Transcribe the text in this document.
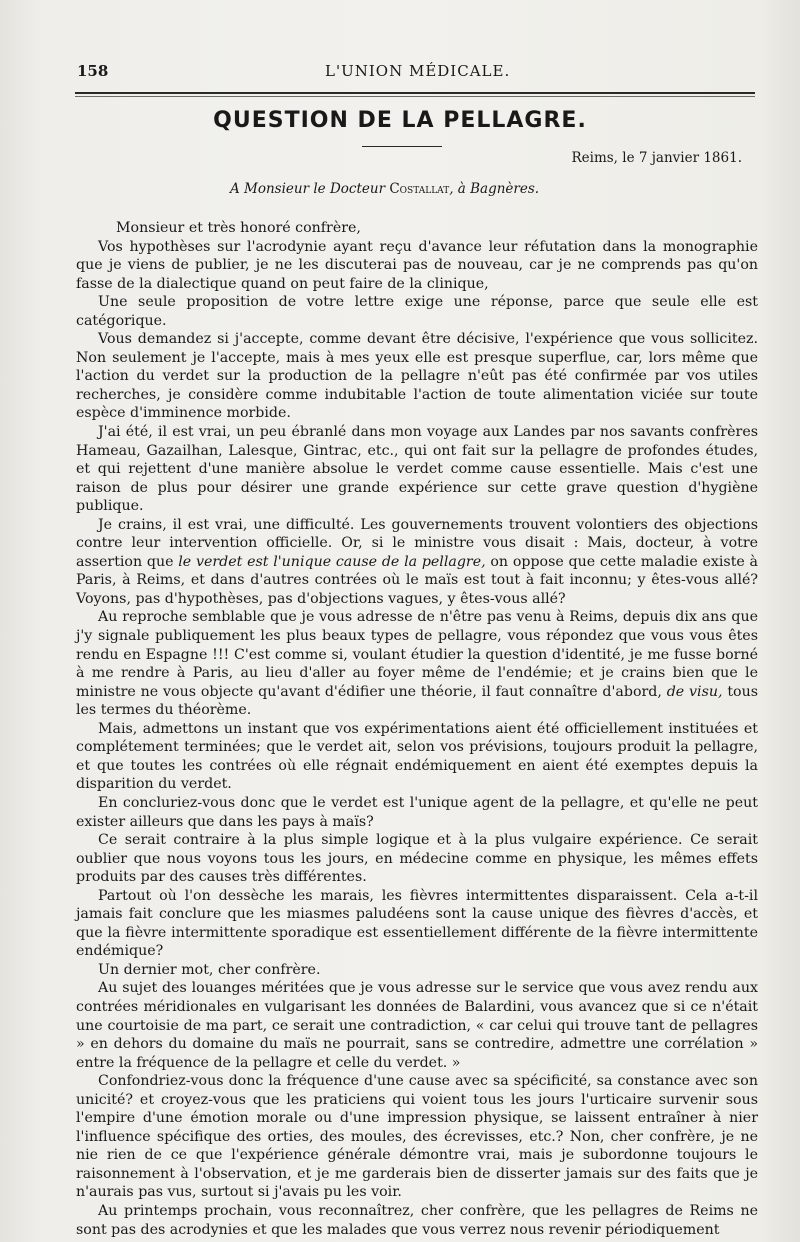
158	L'UNION MÉDICALE.
QUESTION DE LA PELLAGRE.
Reims, le 7 janvier 1861.
A Monsieur le Docteur Costallat, à Bagnères.

Monsieur et très honoré confrère,

Vos hypothèses sur l'acrodynie ayant reçu d'avance leur réfutation dans la monographie que je viens de publier, je ne les discuterai pas de nouveau, car je ne comprends pas qu'on fasse de la dialectique quand on peut faire de la clinique,

Une seule proposition de votre lettre exige une réponse, parce que seule elle est catégorique.

Vous demandez si j'accepte, comme devant être décisive, l'expérience que vous sollicitez. Non seulement je l'accepte, mais à mes yeux elle est presque superflue, car, lors même que l'action du verdet sur la production de la pellagre n'eût pas été confirmée par vos utiles recherches, je considère comme indubitable l'action de toute alimentation viciée sur toute espèce d'imminence morbide.

J'ai été, il est vrai, un peu ébranlé dans mon voyage aux Landes par nos savants confrères Hameau, Gazailhan, Lalesque, Gintrac, etc., qui ont fait sur la pellagre de profondes études, et qui rejettent d'une manière absolue le verdet comme cause essentielle. Mais c'est une raison de plus pour désirer une grande expérience sur cette grave question d'hygiène publique.

Je crains, il est vrai, une difficulté. Les gouvernements trouvent volontiers des objections contre leur intervention officielle. Or, si le ministre vous disait : Mais, docteur, à votre assertion que le verdet est l'unique cause de la pellagre, on oppose que cette maladie existe à Paris, à Reims, et dans d'autres contrées où le maïs est tout à fait inconnu; y êtes-vous allé? Voyons, pas d'hypothèses, pas d'objections vagues, y êtes-vous allé?

Au reproche semblable que je vous adresse de n'être pas venu à Reims, depuis dix ans que j'y signale publiquement les plus beaux types de pellagre, vous répondez que vous vous êtes rendu en Espagne !!! C'est comme si, voulant étudier la question d'identité, je me fusse borné à me rendre à Paris, au lieu d'aller au foyer même de l'endémie; et je crains bien que le ministre ne vous objecte qu'avant d'édifier une théorie, il faut connaître d'abord, de visu, tous les termes du théorème.

Mais, admettons un instant que vos expérimentations aient été officiellement instituées et complétement terminées; que le verdet ait, selon vos prévisions, toujours produit la pellagre, et que toutes les contrées où elle régnait endémiquement en aient été exemptes depuis la disparition du verdet.

En concluriez-vous donc que le verdet est l'unique agent de la pellagre, et qu'elle ne peut exister ailleurs que dans les pays à maïs?

Ce serait contraire à la plus simple logique et à la plus vulgaire expérience. Ce serait oublier que nous voyons tous les jours, en médecine comme en physique, les mêmes effets produits par des causes très différentes.

Partout où l'on dessèche les marais, les fièvres intermittentes disparaissent. Cela a-t-il jamais fait conclure que les miasmes paludéens sont la cause unique des fièvres d'accès, et que la fièvre intermittente sporadique est essentiellement différente de la fièvre intermittente endémique?

Un dernier mot, cher confrère.

Au sujet des louanges méritées que je vous adresse sur le service que vous avez rendu aux contrées méridionales en vulgarisant les données de Balardini, vous avancez que si ce n'était une courtoisie de ma part, ce serait une contradiction, « car celui qui trouve tant de pellagres » en dehors du domaine du maïs ne pourrait, sans se contredire, admettre une corrélation » entre la fréquence de la pellagre et celle du verdet. »

Confondriez-vous donc la fréquence d'une cause avec sa spécificité, sa constance avec son unicité? et croyez-vous que les praticiens qui voient tous les jours l'urticaire survenir sous l'empire d'une émotion morale ou d'une impression physique, se laissent entraîner à nier l'influence spécifique des orties, des moules, des écrevisses, etc.? Non, cher confrère, je ne nie rien de ce que l'expérience générale démontre vrai, mais je subordonne toujours le raisonnement à l'observation, et je me garderais bien de disserter jamais sur des faits que je n'aurais pas vus, surtout si j'avais pu les voir.

Au printemps prochain, vous reconnaîtrez, cher confrère, que les pellagres de Reims ne sont pas des acrodynies et que les malades que vous verrez nous revenir périodiquement
